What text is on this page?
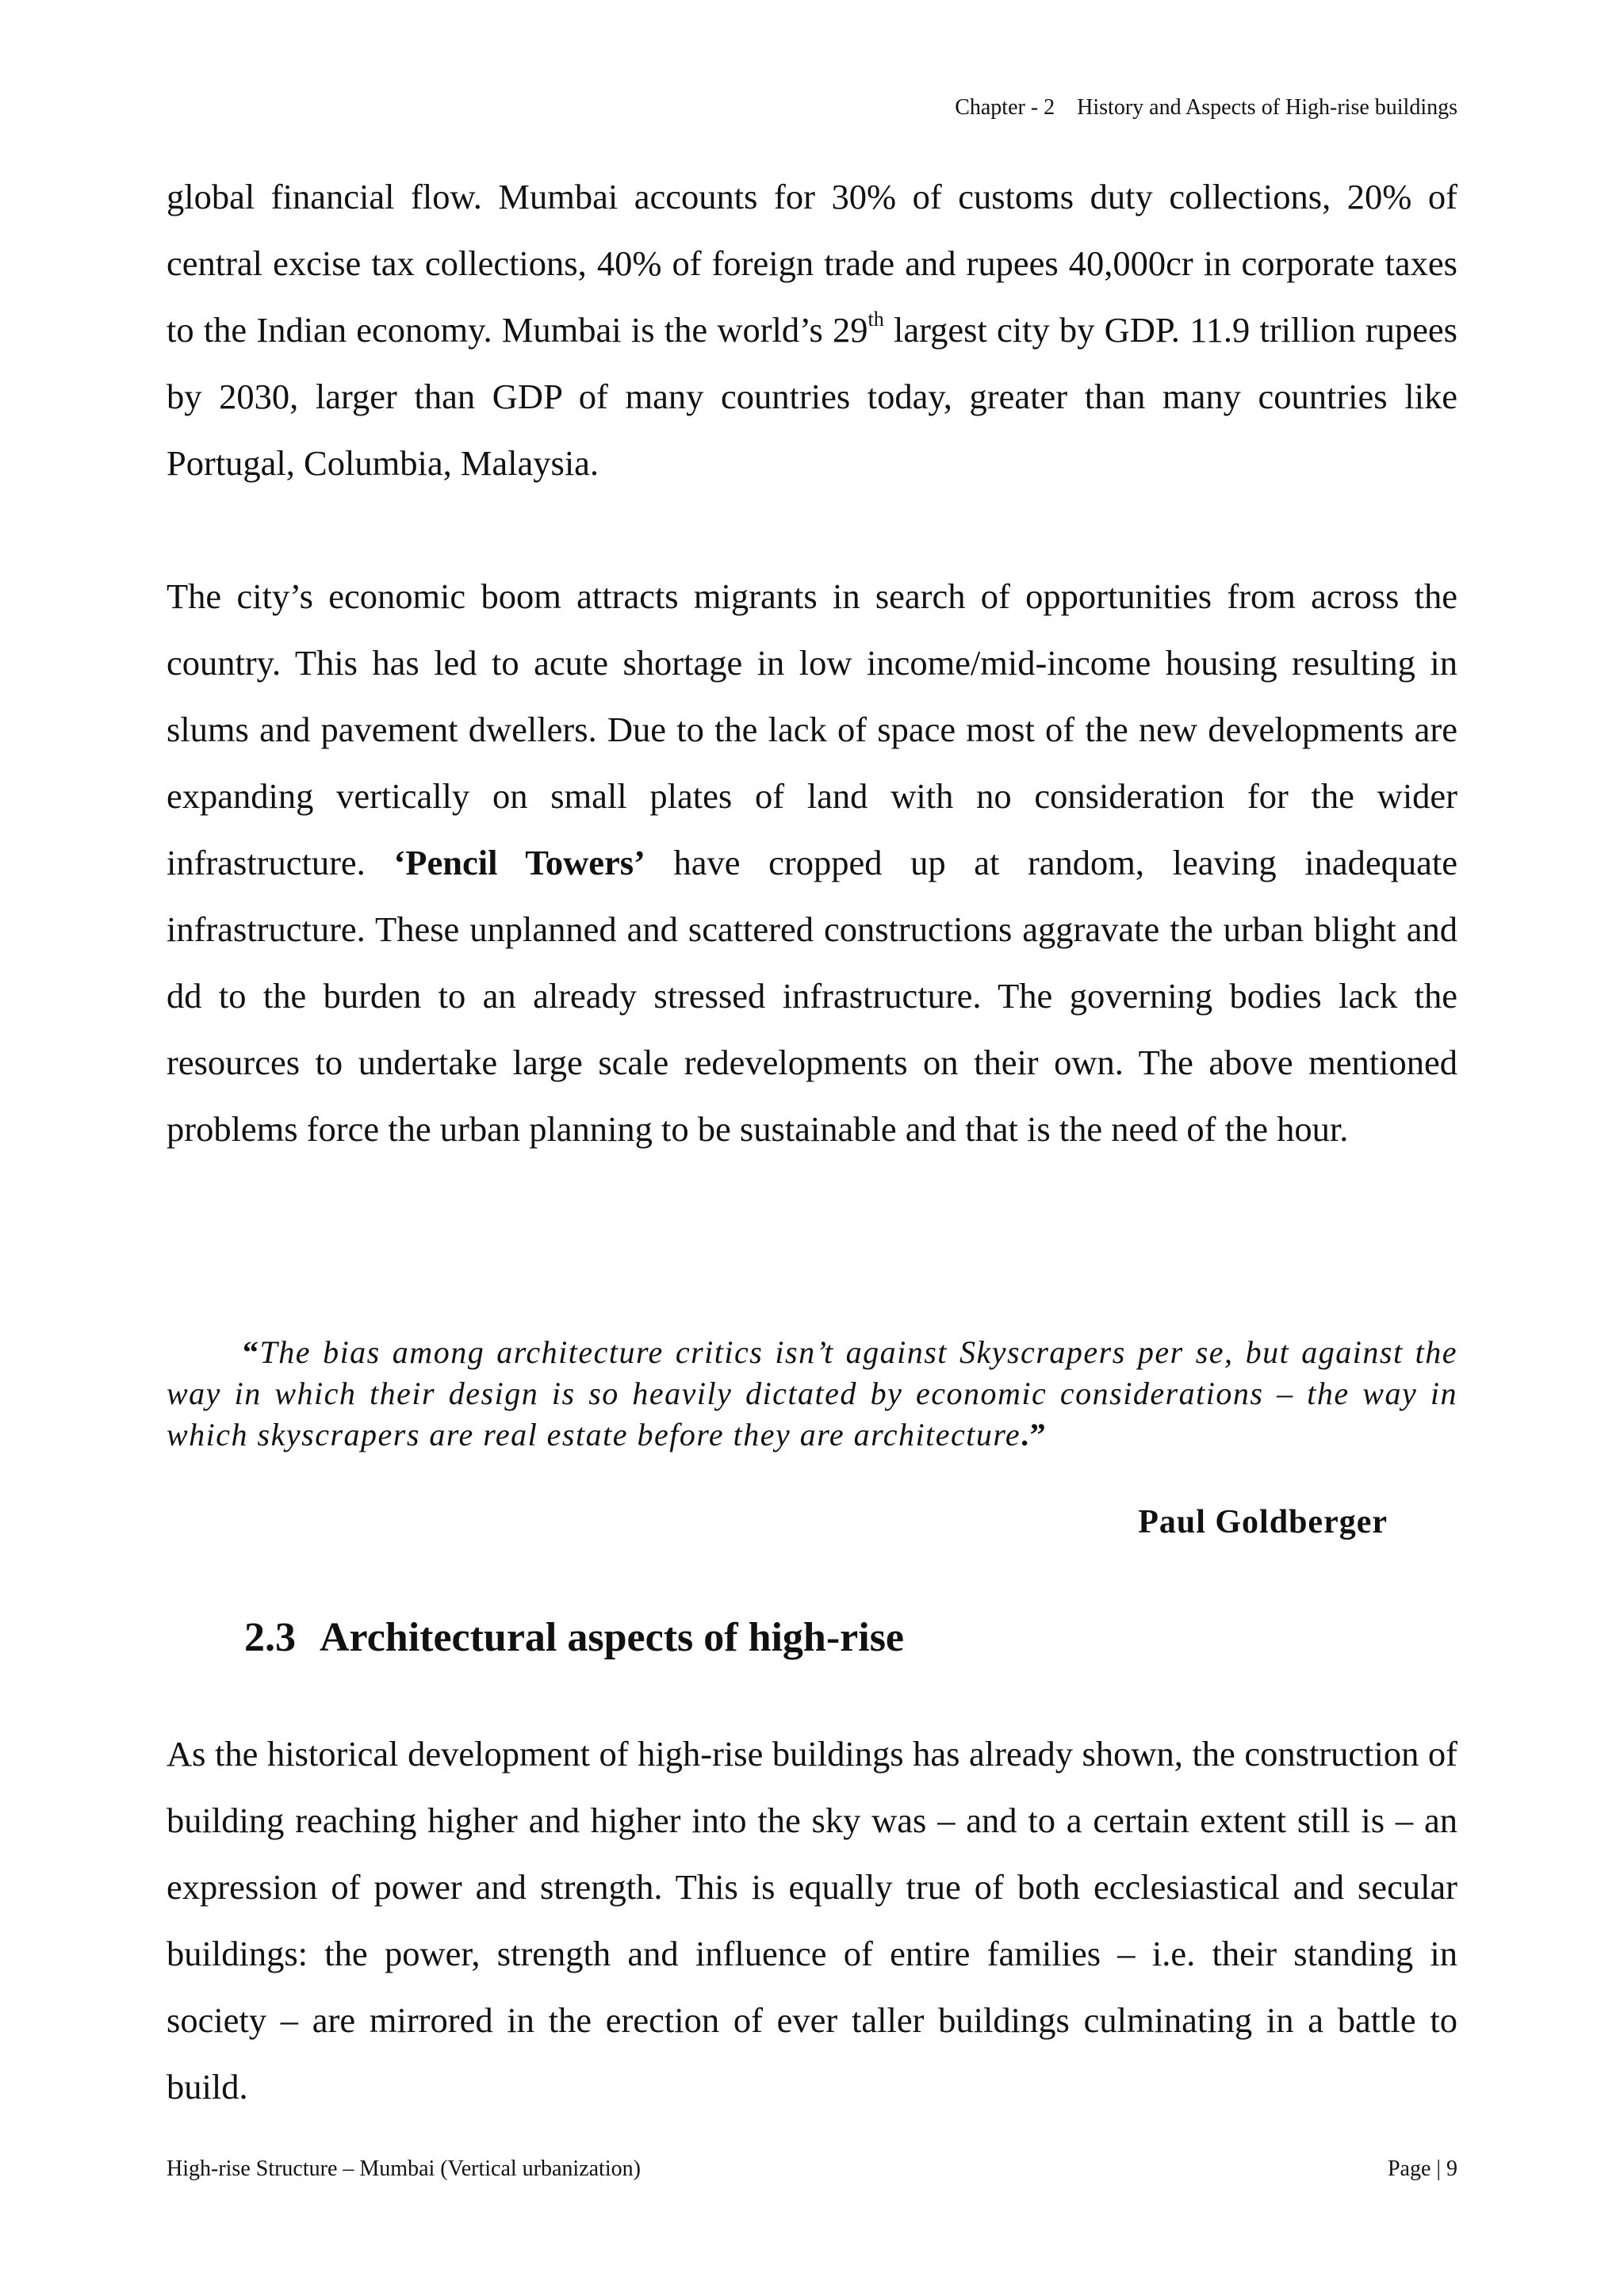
Chapter - 2 History and Aspects of High-rise buildings

global financial flow. Mumbai accounts for 30% of customs duty collections, 20% of central excise tax collections, 40% of foreign trade and rupees 40,000cr in corporate taxes to the Indian economy. Mumbai is the world’s 29th largest city by GDP. 11.9 trillion rupees by 2030, larger than GDP of many countries today, greater than many countries like Portugal, Columbia, Malaysia.

The city’s economic boom attracts migrants in search of opportunities from across the country. This has led to acute shortage in low income/mid-income housing resulting in slums and pavement dwellers. Due to the lack of space most of the new developments are expanding vertically on small plates of land with no consideration for the wider infrastructure. ‘Pencil Towers’ have cropped up at random, leaving inadequate infrastructure. These unplanned and scattered constructions aggravate the urban blight and dd to the burden to an already stressed infrastructure. The governing bodies lack the resources to undertake large scale redevelopments on their own. The above mentioned problems force the urban planning to be sustainable and that is the need of the hour.

“The bias among architecture critics isn’t against Skyscrapers per se, but against the way in which their design is so heavily dictated by economic considerations – the way in which skyscrapers are real estate before they are architecture.”

Paul Goldberger
2.3 Architectural aspects of high-rise

As the historical development of high-rise buildings has already shown, the construction of building reaching higher and higher into the sky was – and to a certain extent still is – an expression of power and strength. This is equally true of both ecclesiastical and secular buildings: the power, strength and influence of entire families – i.e. their standing in society – are mirrored in the erection of ever taller buildings culminating in a battle to build.

High-rise Structure – Mumbai (Vertical urbanization)	Page | 9
